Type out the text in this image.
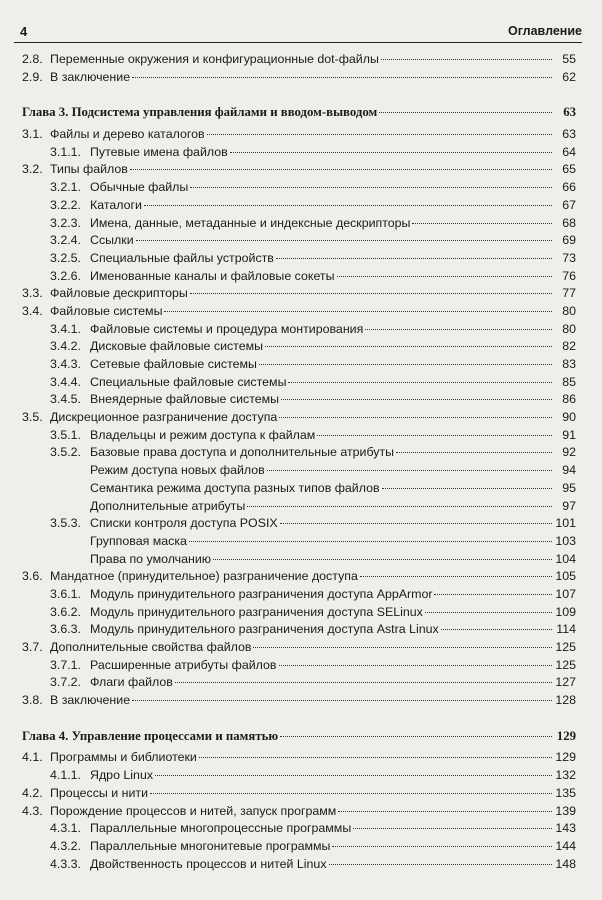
4	Оглавление
2.8. Переменные окружения и конфигурационные dot-файлы	55
2.9. В заключение	62
Глава 3. Подсистема управления файлами и вводом-выводом	63
3.1. Файлы и дерево каталогов	63
3.1.1. Путевые имена файлов	64
3.2. Типы файлов	65
3.2.1. Обычные файлы	66
3.2.2. Каталоги	67
3.2.3. Имена, данные, метаданные и индексные дескрипторы	68
3.2.4. Ссылки	69
3.2.5. Специальные файлы устройств	73
3.2.6. Именованные каналы и файловые сокеты	76
3.3. Файловые дескрипторы	77
3.4. Файловые системы	80
3.4.1. Файловые системы и процедура монтирования	80
3.4.2. Дисковые файловые системы	82
3.4.3. Сетевые файловые системы	83
3.4.4. Специальные файловые системы	85
3.4.5. Внеядерные файловые системы	86
3.5. Дискреционное разграничение доступа	90
3.5.1. Владельцы и режим доступа к файлам	91
3.5.2. Базовые права доступа и дополнительные атрибуты	92
Режим доступа новых файлов	94
Семантика режима доступа разных типов файлов	95
Дополнительные атрибуты	97
3.5.3. Списки контроля доступа POSIX	101
Групповая маска	103
Права по умолчанию	104
3.6. Мандатное (принудительное) разграничение доступа	105
3.6.1. Модуль принудительного разграничения доступа AppArmor	107
3.6.2. Модуль принудительного разграничения доступа SELinux	109
3.6.3. Модуль принудительного разграничения доступа Astra Linux	114
3.7. Дополнительные свойства файлов	125
3.7.1. Расширенные атрибуты файлов	125
3.7.2. Флаги файлов	127
3.8. В заключение	128
Глава 4. Управление процессами и памятью	129
4.1. Программы и библиотеки	129
4.1.1. Ядро Linux	132
4.2. Процессы и нити	135
4.3. Порождение процессов и нитей, запуск программ	139
4.3.1. Параллельные многопроцессные программы	143
4.3.2. Параллельные многонитевые программы	144
4.3.3. Двойственность процессов и нитей Linux	148
